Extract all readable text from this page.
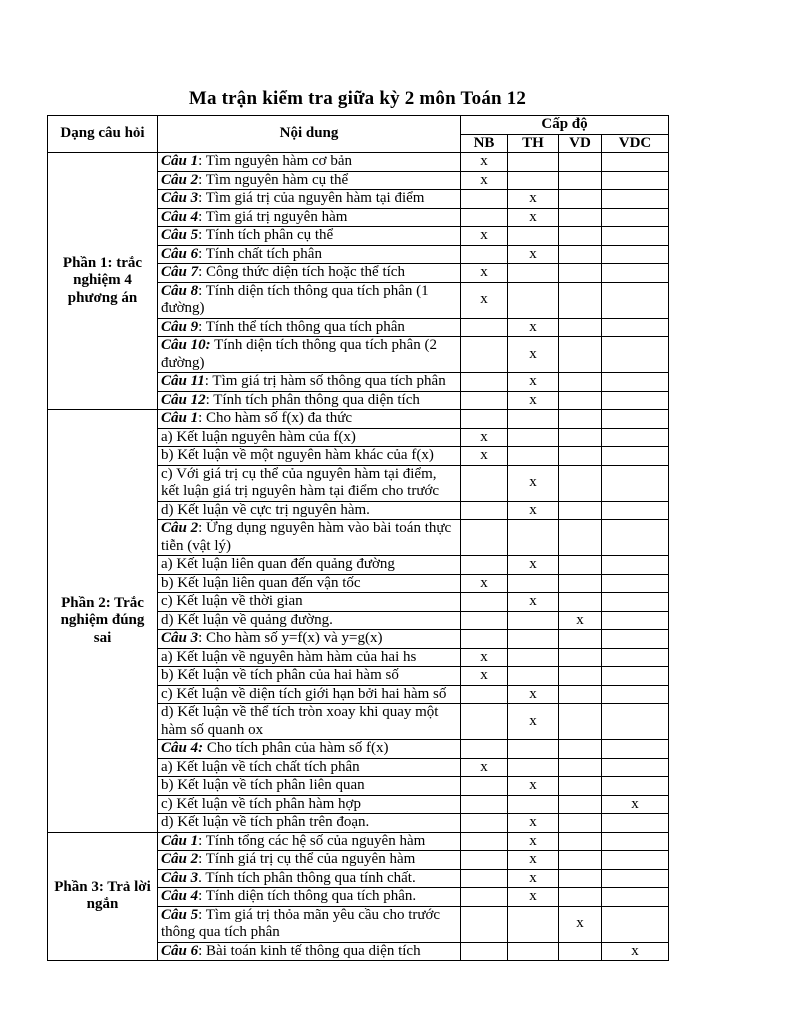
Ma trận kiểm tra giữa kỳ 2 môn Toán 12
Dạng câu hỏi	Nội dung	Cấp độ			
		NB	TH	VD	VDC
Phần 1: trắc nghiệm 4 phương án	Câu 1: Tìm nguyên hàm cơ bản	x			
	Câu 2: Tìm nguyên hàm cụ thể	x			
	Câu 3: Tìm giá trị của nguyên hàm tại điểm		x		
	Câu 4: Tìm giá trị nguyên hàm		x		
	Câu 5: Tính tích phân cụ thể	x			
	Câu 6: Tính chất tích phân		x		
	Câu 7: Công thức diện tích hoặc thể tích	x			
	Câu 8: Tính diện tích thông qua tích phân (1 đường)	x			
	Câu 9: Tính thể tích thông qua tích phân		x		
	Câu 10: Tính diện tích thông qua tích phân (2 đường)		x		
	Câu 11: Tìm giá trị hàm số thông qua tích phân		x		
	Câu 12: Tính tích phân thông qua diện tích		x		
Phần 2: Trắc nghiệm đúng sai	Câu 1: Cho hàm số f(x) đa thức				
	a) Kết luận nguyên hàm của f(x)	x			
	b) Kết luận về một nguyên hàm khác của f(x)	x			
	c) Với giá trị cụ thể của nguyên hàm tại điểm, kết luận giá trị nguyên hàm tại điểm cho trước		x		
	d) Kết luận về cực trị nguyên hàm.		x		
	Câu 2: Ứng dụng nguyên hàm vào bài toán thực tiễn (vật lý)				
	a) Kết luận liên quan đến quảng đường		x		
	b) Kết luận liên quan đến vận tốc	x			
	c) Kết luận về thời gian		x		
	d) Kết luận về quảng đường.			x	
	Câu 3: Cho hàm số y=f(x) và y=g(x)				
	a) Kết luận về nguyên hàm hàm của hai hs	x			
	b) Kết luận về tích phân của hai hàm số	x			
	c) Kết luận về diện tích giới hạn bởi hai hàm số		x		
	d) Kết luận về thể tích tròn xoay khi quay một hàm số quanh ox		x		
	Câu 4: Cho tích phân của hàm số f(x)				
	a) Kết luận về tích chất tích phân	x			
	b) Kết luận về tích phân liên quan		x		
	c) Kết luận về tích phân hàm hợp				x
	d) Kết luận về tích phân trên đoạn.		x		
Phần 3: Trả lời ngắn	Câu 1: Tính tổng các hệ số của nguyên hàm		x		
	Câu 2: Tính giá trị cụ thể của nguyên hàm		x		
	Câu 3. Tính tích phân thông qua tính chất.		x		
	Câu 4: Tính diện tích thông qua tích phân.		x		
	Câu 5: Tìm giá trị thỏa mãn yêu cầu cho trước thông qua tích phân			x	
	Câu 6: Bài toán kinh tế thông qua diện tích				x
